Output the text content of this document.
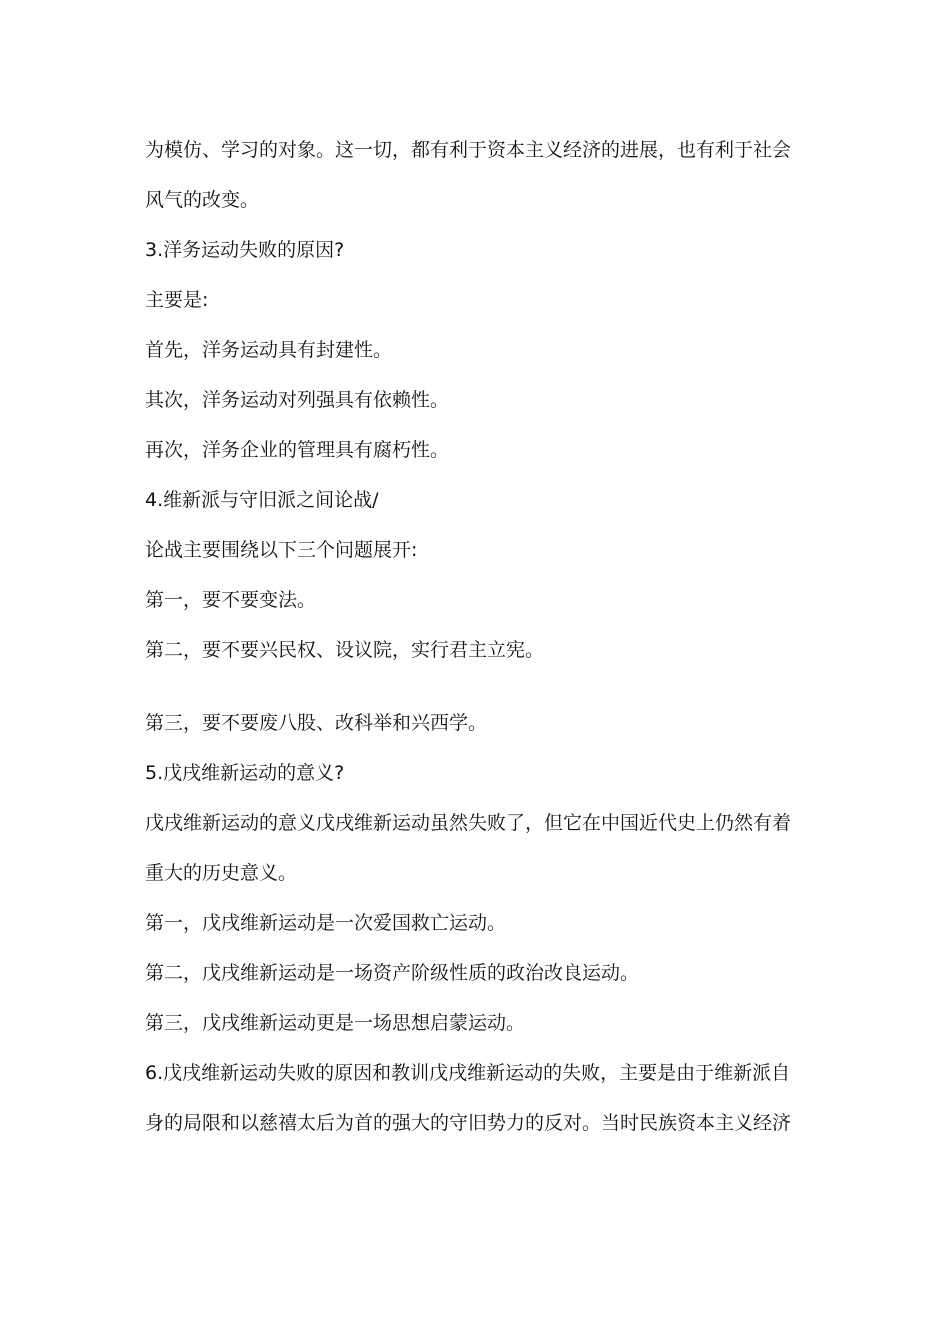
为模仿、学习的对象。这一切，都有利于资本主义经济的进展，也有利于社会
风气的改变。
3.洋务运动失败的原因?
主要是:
首先，洋务运动具有封建性。
其次，洋务运动对列强具有依赖性。
再次，洋务企业的管理具有腐朽性。
4.维新派与守旧派之间论战/
论战主要围绕以下三个问题展开:
第一，要不要变法。
第二，要不要兴民权、设议院，实行君主立宪。
第三，要不要废八股、改科举和兴西学。
5.戊戌维新运动的意义?
戊戌维新运动的意义戊戌维新运动虽然失败了，但它在中国近代史上仍然有着
重大的历史意义。
第一，戊戌维新运动是一次爱国救亡运动。
第二，戊戌维新运动是一场资产阶级性质的政治改良运动。
第三，戊戌维新运动更是一场思想启蒙运动。
6.戊戌维新运动失败的原因和教训戊戌维新运动的失败，主要是由于维新派自
身的局限和以慈禧太后为首的强大的守旧势力的反对。当时民族资本主义经济
